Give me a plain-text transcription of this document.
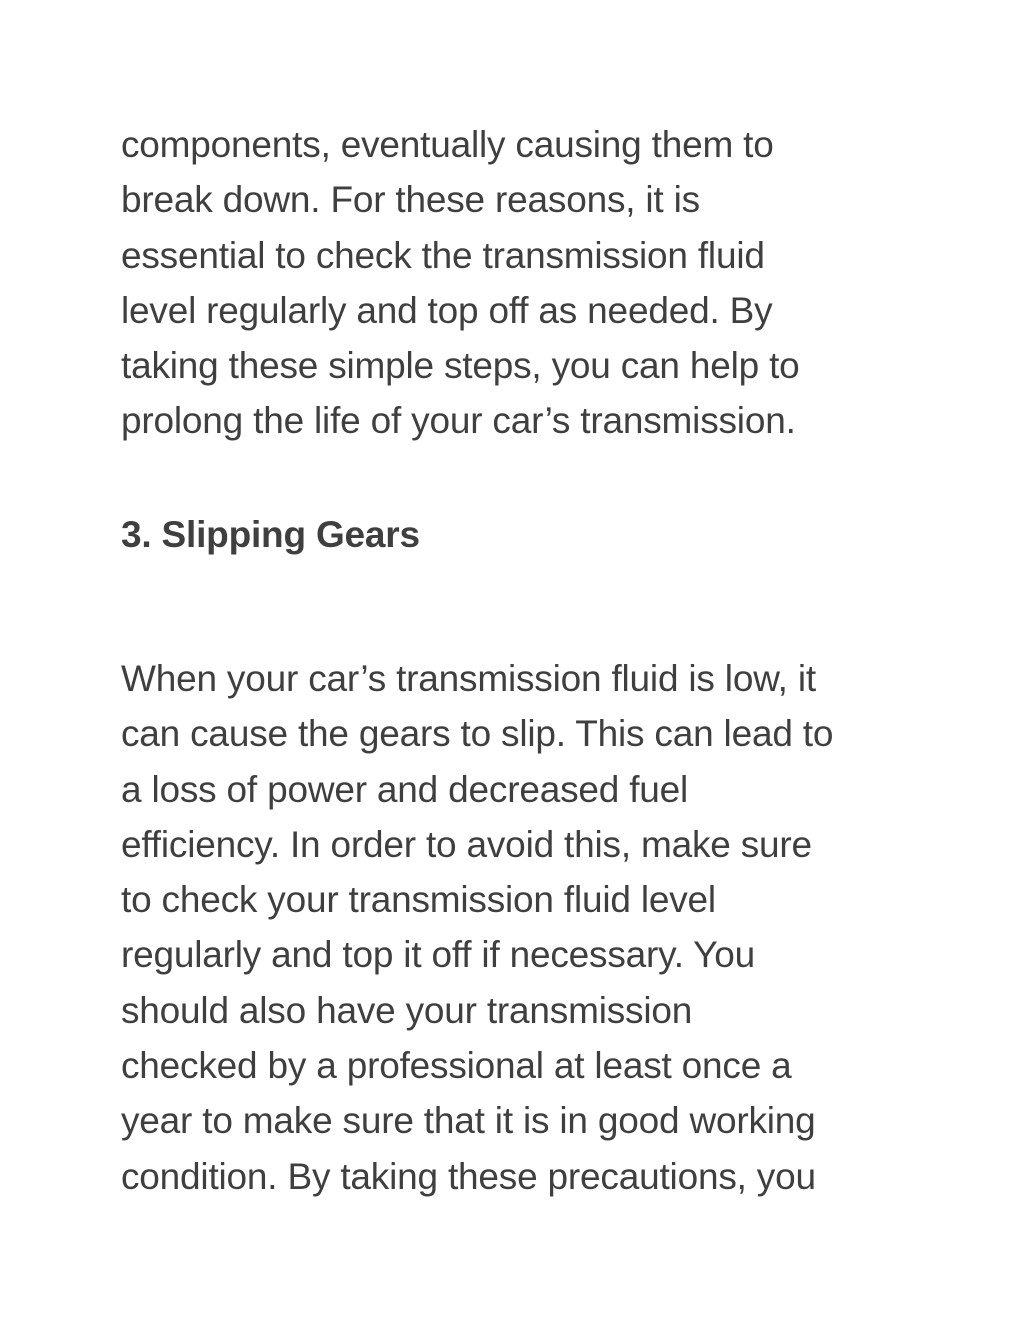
components, eventually causing them to
break down. For these reasons, it is
essential to check the transmission fluid
level regularly and top off as needed. By
taking these simple steps, you can help to
prolong the life of your car’s transmission.

3. Slipping Gears

When your car’s transmission fluid is low, it
can cause the gears to slip. This can lead to
a loss of power and decreased fuel
efficiency. In order to avoid this, make sure
to check your transmission fluid level
regularly and top it off if necessary. You
should also have your transmission
checked by a professional at least once a
year to make sure that it is in good working
condition. By taking these precautions, you
